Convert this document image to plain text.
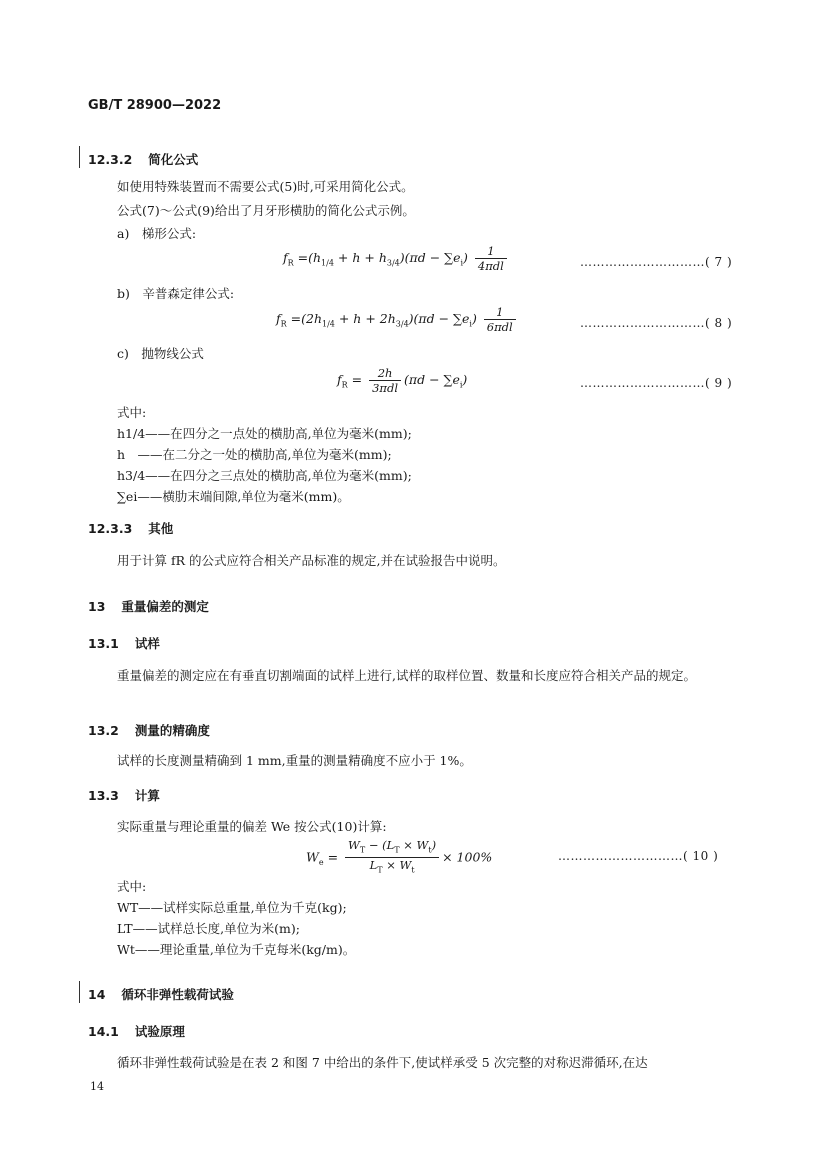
GB/T 28900—2022
12.3.2 简化公式
如使用特殊装置而不需要公式(5)时,可采用简化公式。
公式(7)～公式(9)给出了月牙形横肋的简化公式示例。
a)　梯形公式:
$f_R =(h_{1/4} + h + h_{3/4})(\pi d - \sum e_i) \frac{1}{\text{4πdl}}$	…………………………( 7 )
b)　辛普森定律公式:
$f_R =(2h_{1/4} + h + 2h_{3/4})(\pi d - \sum e_i) \frac{1}{\text{6πdl}}$	…………………………( 8 )
c)　抛物线公式
$f_R = \frac{2h}{\text{3πdl}} (\pi d - \sum e_i)$	…………………………( 9 )
式中:
h1/4——在四分之一点处的横肋高,单位为毫米(mm);
h　——在二分之一处的横肋高,单位为毫米(mm);
h3/4——在四分之三点处的横肋高,单位为毫米(mm);
∑ei——横肋末端间隙,单位为毫米(mm)。
12.3.3 其他
用于计算 fR 的公式应符合相关产品标准的规定,并在试验报告中说明。
13 重量偏差的测定
13.1 试样
重量偏差的测定应在有垂直切割端面的试样上进行,试样的取样位置、数量和长度应符合相关产品的规定。
13.2 测量的精确度
试样的长度测量精确到 1 mm,重量的测量精确度不应小于 1%。
13.3 计算
实际重量与理论重量的偏差 We 按公式(10)计算:
$W_e = \frac{W_T - (L_T \times W_t)}{L_T \times W_t} \times 100\%$	…………………………( 10 )
式中:
WT——试样实际总重量,单位为千克(kg);
LT——试样总长度,单位为米(m);
Wt——理论重量,单位为千克每米(kg/m)。
14 循环非弹性载荷试验
14.1 试验原理
循环非弹性载荷试验是在表 2 和图 7 中给出的条件下,使试样承受 5 次完整的对称迟滞循环,在达
14
